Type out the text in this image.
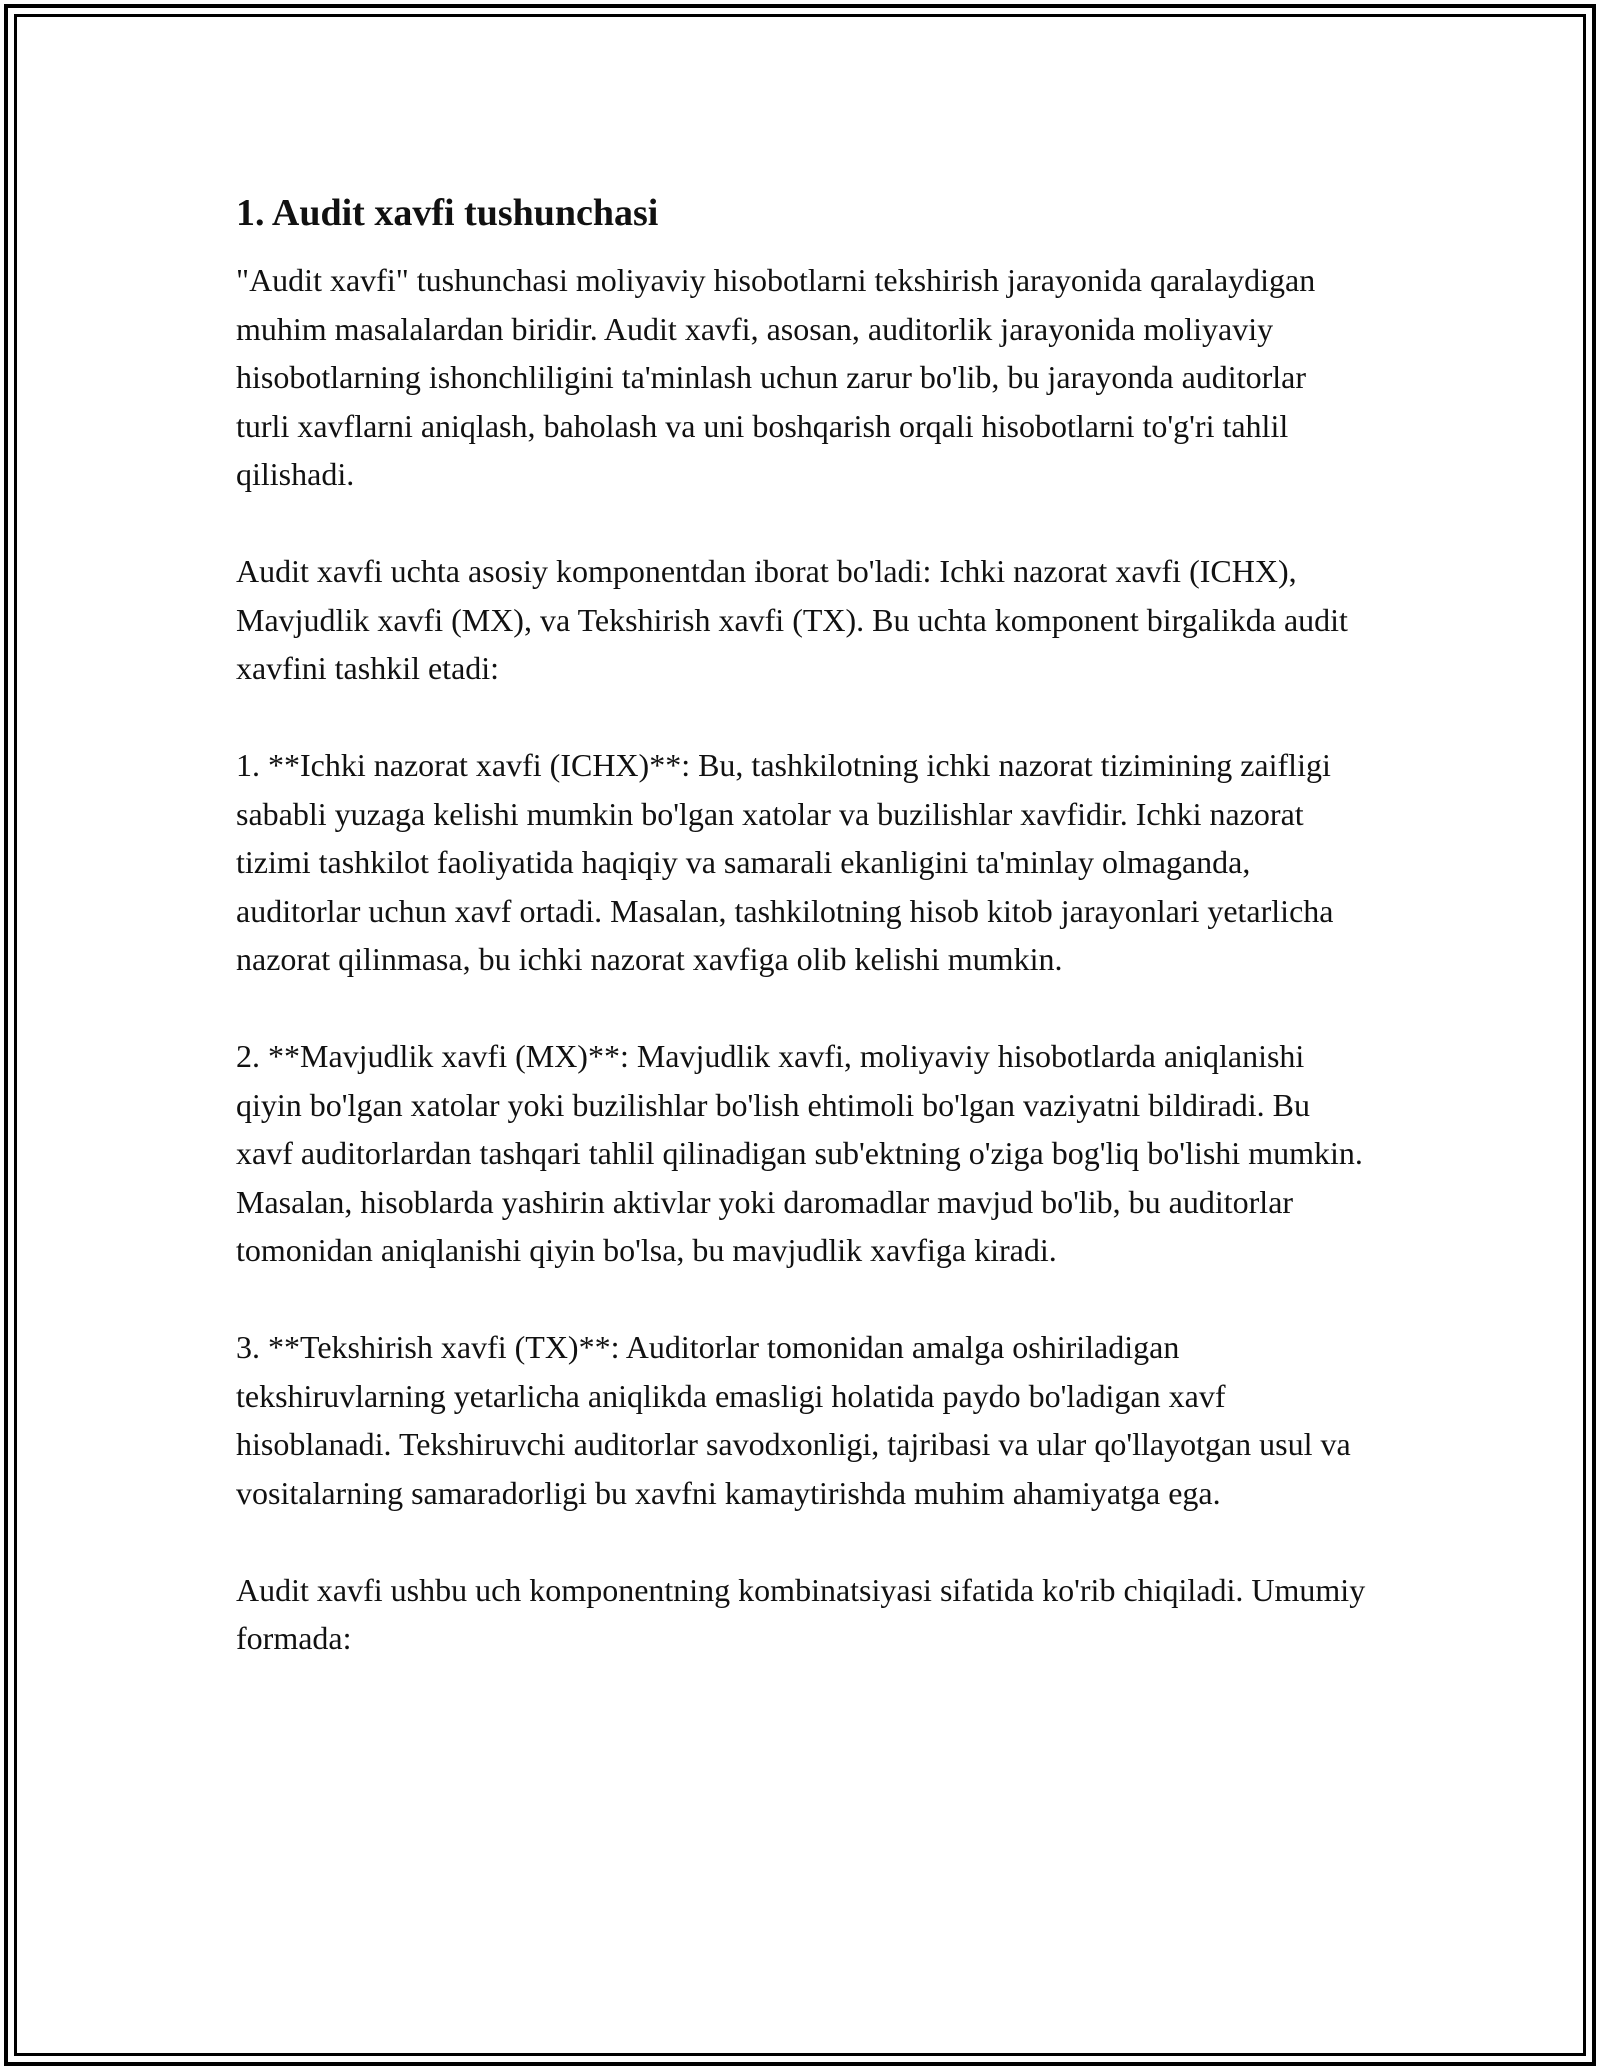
1. Audit xavfi tushunchasi

"Audit xavfi" tushunchasi moliyaviy hisobotlarni tekshirish jarayonida qaralaydigan muhim masalalardan biridir. Audit xavfi, asosan, auditorlik jarayonida moliyaviy hisobotlarning ishonchliligini ta'minlash uchun zarur bo'lib, bu jarayonda auditorlar turli xavflarni aniqlash, baholash va uni boshqarish orqali hisobotlarni to'g'ri tahlil qilishadi.

Audit xavfi uchta asosiy komponentdan iborat bo'ladi: Ichki nazorat xavfi (ICHX), Mavjudlik xavfi (MX), va Tekshirish xavfi (TX). Bu uchta komponent birgalikda audit xavfini tashkil etadi:

1. **Ichki nazorat xavfi (ICHX)**: Bu, tashkilotning ichki nazorat tizimining zaifligi sababli yuzaga kelishi mumkin bo'lgan xatolar va buzilishlar xavfidir. Ichki nazorat tizimi tashkilot faoliyatida haqiqiy va samarali ekanligini ta'minlay olmaganda, auditorlar uchun xavf ortadi. Masalan, tashkilotning hisob kitob jarayonlari yetarlicha nazorat qilinmasa, bu ichki nazorat xavfiga olib kelishi mumkin.

2. **Mavjudlik xavfi (MX)**: Mavjudlik xavfi, moliyaviy hisobotlarda aniqlanishi qiyin bo'lgan xatolar yoki buzilishlar bo'lish ehtimoli bo'lgan vaziyatni bildiradi. Bu xavf auditorlardan tashqari tahlil qilinadigan sub'ektning o'ziga bog'liq bo'lishi mumkin. Masalan, hisoblarda yashirin aktivlar yoki daromadlar mavjud bo'lib, bu auditorlar tomonidan aniqlanishi qiyin bo'lsa, bu mavjudlik xavfiga kiradi.

3. **Tekshirish xavfi (TX)**: Auditorlar tomonidan amalga oshiriladigan tekshiruvlarning yetarlicha aniqlikda emasligi holatida paydo bo'ladigan xavf hisoblanadi. Tekshiruvchi auditorlar savodxonligi, tajribasi va ular qo'llayotgan usul va vositalarning samaradorligi bu xavfni kamaytirishda muhim ahamiyatga ega.

Audit xavfi ushbu uch komponentning kombinatsiyasi sifatida ko'rib chiqiladi. Umumiy formada:
